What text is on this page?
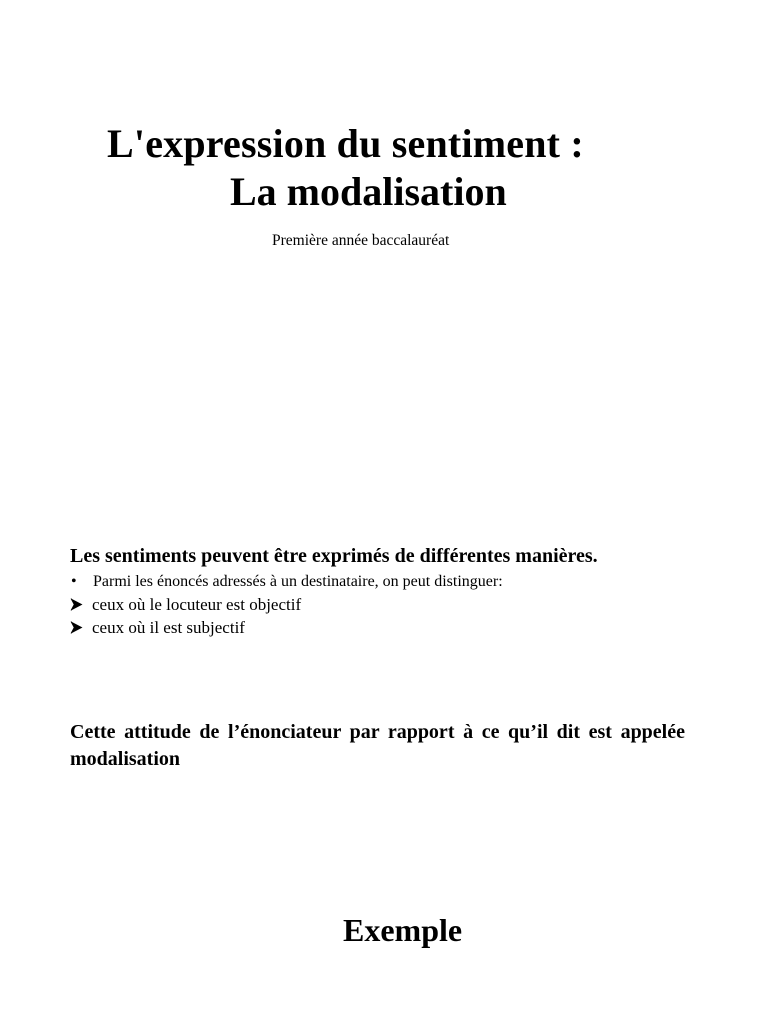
L'expression du sentiment :
La modalisation
Première année baccalauréat
Les sentiments peuvent être exprimés de différentes manières.
•	Parmi les énoncés adressés à un destinataire, on peut distinguer:
ceux où le locuteur est objectif
ceux où il est subjectif

Cette attitude de l’énonciateur par rapport à ce qu’il dit est appelée modalisation

Exemple
